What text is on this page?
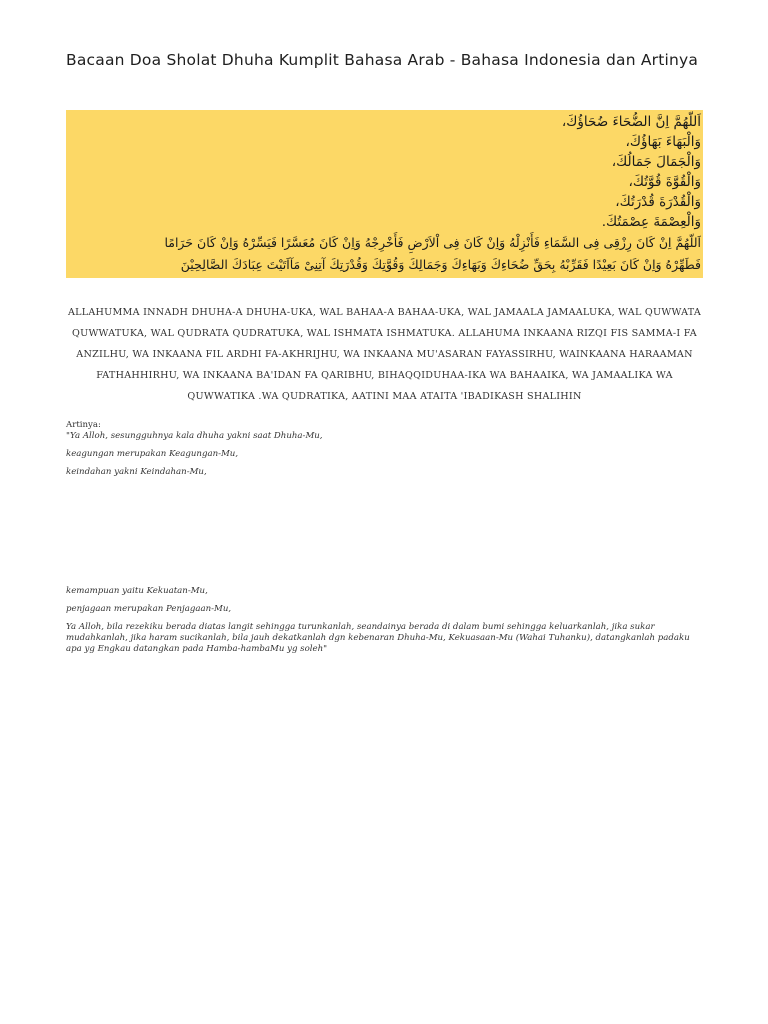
Bacaan Doa Sholat Dhuha Kumplit Bahasa Arab - Bahasa Indonesia dan Artinya
اَللّهُمَّ اِنَّ الضُّحَاءَ ضُحَاؤُكَ،
وَالْبَهَاءَ بَهَاؤُكَ،
وَالْجَمَالَ جَمَالُكَ،
وَالْقُوَّةَ قُوَّتُكَ،
وَالْقُدْرَةَ قُدْرَتُكَ،
وَالْعِصْمَةَ عِصْمَتُكَ.
اَللّهُمَّ اِنْ كَانَ رِزْقِى فِى السَّمَاءِ فَأَنْزِلْهُ وَاِنْ كَانَ فِى اْلاَرْضِ فَأَخْرِجْهُ وَاِنْ كَانَ مُعَسَّرًا فَيَسِّرْهُ وَاِنْ كَانَ حَرَامًا
فَطَهِّرْهُ وَاِنْ كَانَ بَعِيْدًا فَقَرِّبْهُ بِحَقِّ ضُحَاءِكَ وَبَهَاءِكَ وَجَمَالِكَ وَقُوَّتِكَ وَقُدْرَتِكَ آتِنِىْ مَآاَتَيْتَ عِبَادَكَ الصَّالِحِيْنَ
ALLAHUMMA INNADH DHUHA-A DHUHA-UKA, WAL BAHAA-A BAHAA-UKA, WAL JAMAALA JAMAALUKA, WAL QUWWATA QUWWATUKA, WAL QUDRATA QUDRATUKA, WAL ISHMATA ISHMATUKA. ALLAHUMA INKAANA RIZQI FIS SAMMA-I FA ANZILHU, WA INKAANA FIL ARDHI FA-AKHRIJHU, WA INKAANA MU'ASARAN FAYASSIRHU, WAINKAANA HARAAMAN FATHAHHIRHU, WA INKAANA BA'IDAN FA QARIBHU, BIHAQQIDUHAA-IKA WA BAHAAIKA, WA JAMAALIKA WA QUWWATIKA .WA QUDRATIKA, AATINI MAA ATAITA 'IBADIKASH SHALIHIN
Artinya:
"Ya Alloh, sesungguhnya kala dhuha yakni saat Dhuha-Mu,
keagungan merupakan Keagungan-Mu,
keindahan yakni Keindahan-Mu,
kemampuan yaitu Kekuatan-Mu,
penjagaan merupakan Penjagaan-Mu,
Ya Alloh, bila rezekiku berada diatas langit sehingga turunkanlah, seandainya berada di dalam bumi sehingga keluarkanlah, jika sukar mudahkanlah, jika haram sucikanlah, bila jauh dekatkanlah dgn kebenaran Dhuha-Mu, Kekuasaan-Mu (Wahai Tuhanku), datangkanlah padaku apa yg Engkau datangkan pada Hamba-hambaMu yg soleh"
